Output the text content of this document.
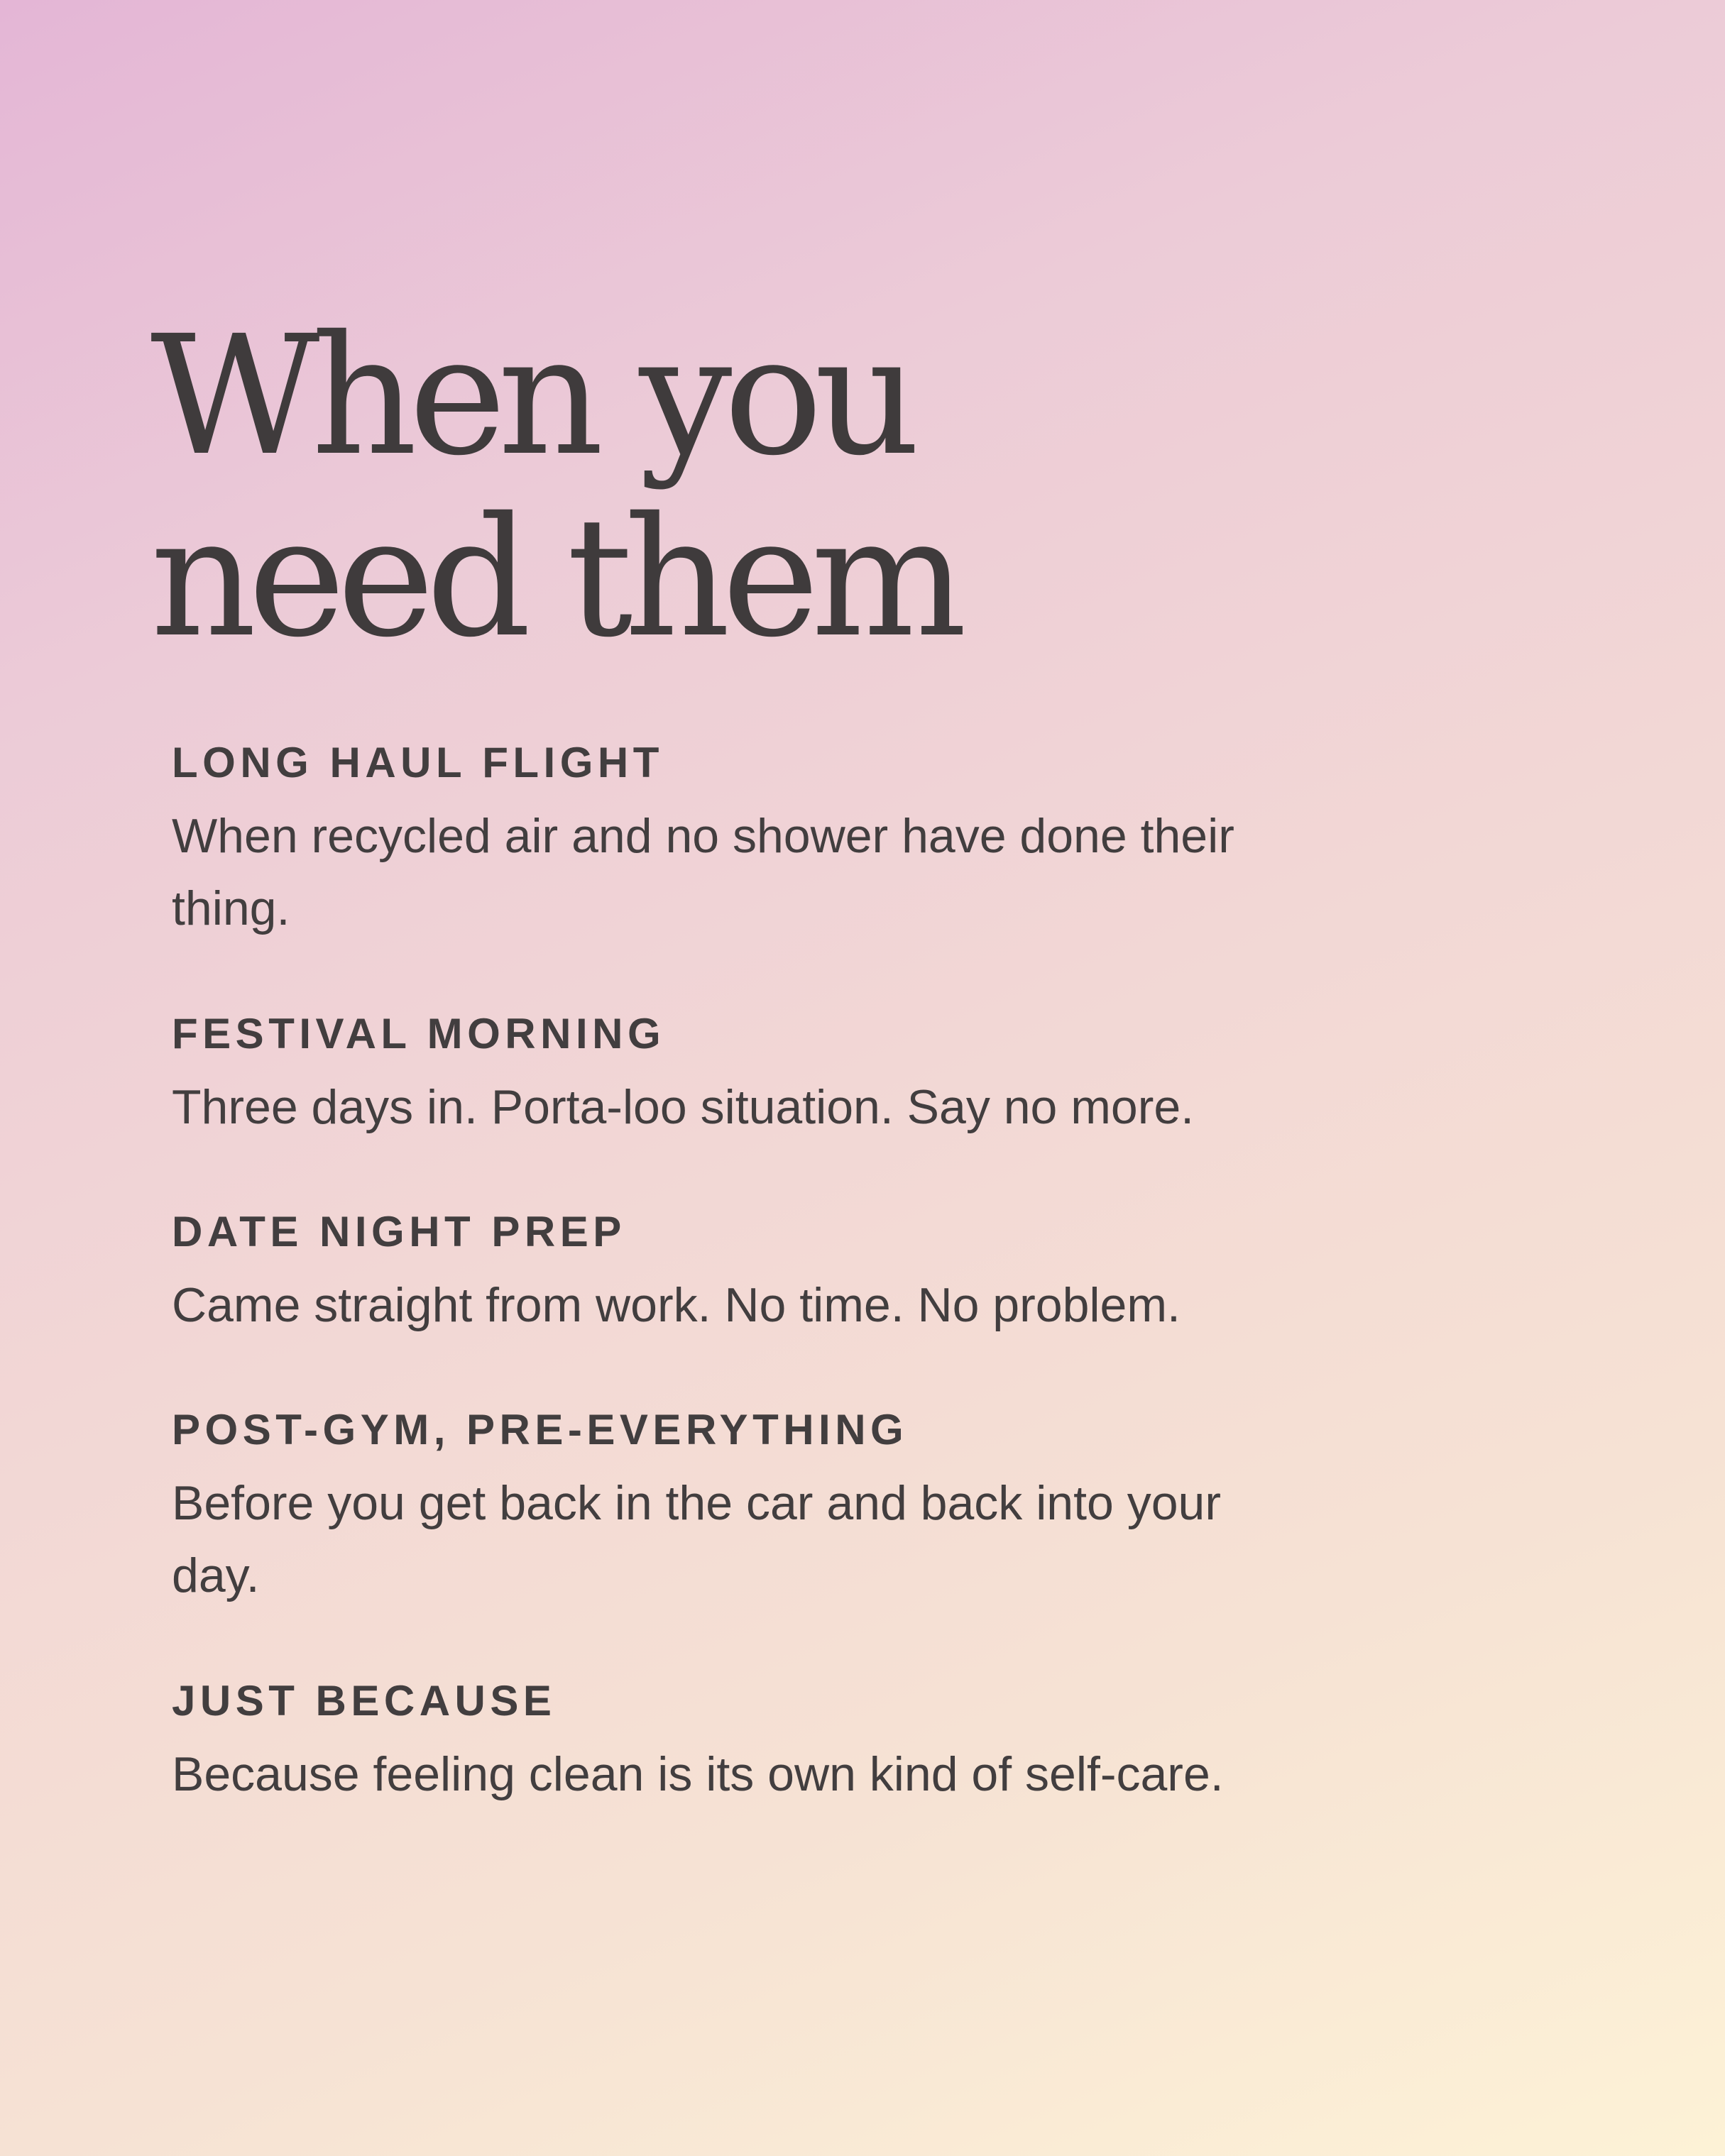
When you
need them
LONG HAUL FLIGHT
When recycled air and no shower have done their
thing.
FESTIVAL MORNING
Three days in. Porta-loo situation. Say no more.
DATE NIGHT PREP
Came straight from work. No time. No problem.
POST-GYM, PRE-EVERYTHING
Before you get back in the car and back into your
day.
JUST BECAUSE
Because feeling clean is its own kind of self-care.
